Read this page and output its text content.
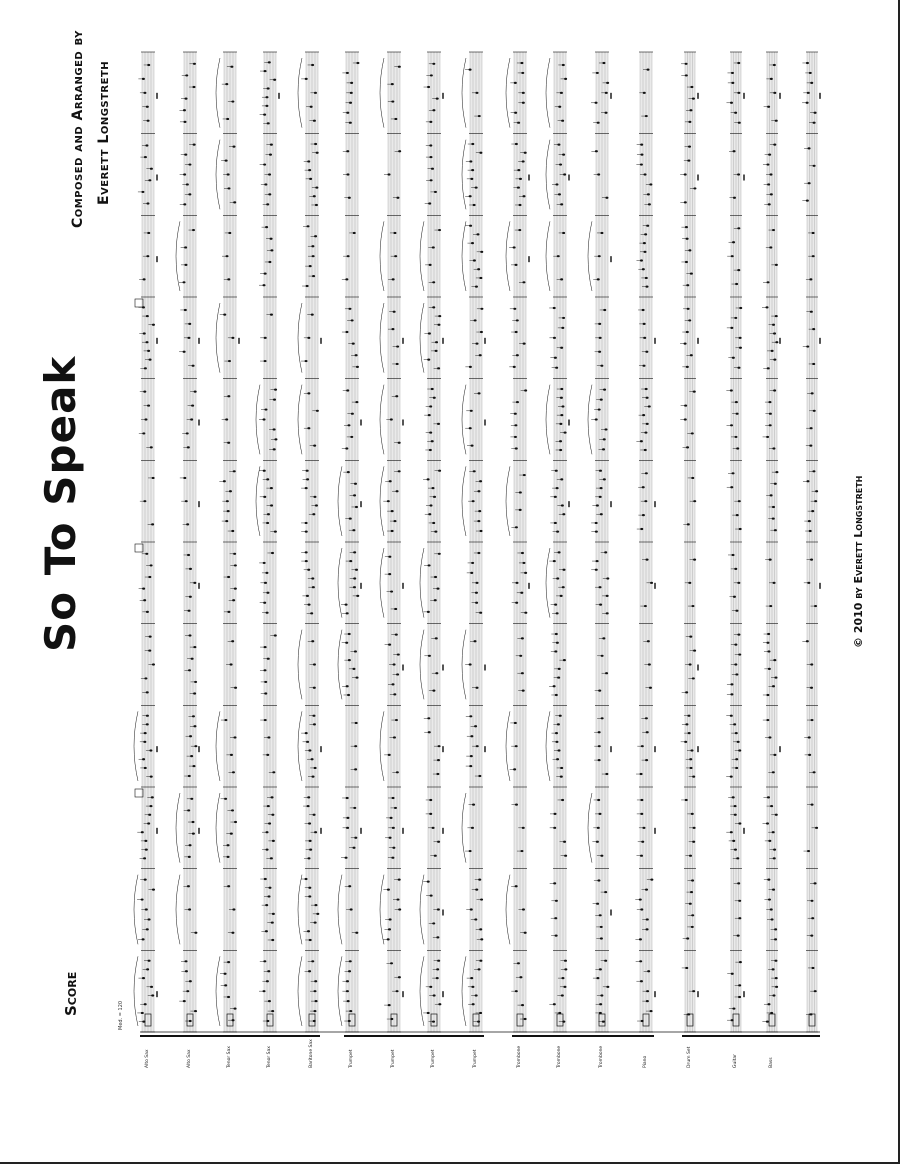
So To Speak
Score
Composed and Arranged by Everett Longstreth
© 2010 by Everett Longstreth
Med. = 120
Alto Sax	Alto Sax	Tenor Sax	Tenor Sax	Baritone Sax	Trumpet	Trumpet	Trumpet	Trumpet	Trombone	Trombone	Trombone	Piano	Drum Set	Guitar	Bass
